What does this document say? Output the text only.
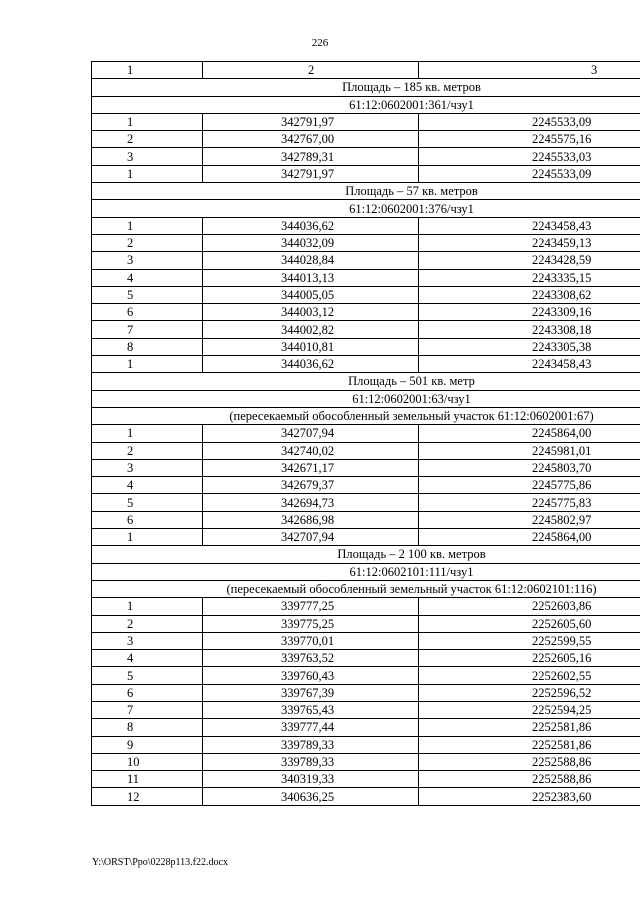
226
1	2	3
Площадь – 185 кв. метров		
61:12:0602001:361/чзу1		
1	342791,97	2245533,09
2	342767,00	2245575,16
3	342789,31	2245533,03
1	342791,97	2245533,09
Площадь – 57 кв. метров		
61:12:0602001:376/чзу1		
1	344036,62	2243458,43
2	344032,09	2243459,13
3	344028,84	2243428,59
4	344013,13	2243335,15
5	344005,05	2243308,62
6	344003,12	2243309,16
7	344002,82	2243308,18
8	344010,81	2243305,38
1	344036,62	2243458,43
Площадь – 501 кв. метр		
61:12:0602001:63/чзу1		
(пересекаемый обособленный земельный участок 61:12:0602001:67)		
1	342707,94	2245864,00
2	342740,02	2245981,01
3	342671,17	2245803,70
4	342679,37	2245775,86
5	342694,73	2245775,83
6	342686,98	2245802,97
1	342707,94	2245864,00
Площадь – 2 100 кв. метров		
61:12:0602101:111/чзу1		
(пересекаемый обособленный земельный участок 61:12:0602101:116)		
1	339777,25	2252603,86
2	339775,25	2252605,60
3	339770,01	2252599,55
4	339763,52	2252605,16
5	339760,43	2252602,55
6	339767,39	2252596,52
7	339765,43	2252594,25
8	339777,44	2252581,86
9	339789,33	2252581,86
10	339789,33	2252588,86
11	340319,33	2252588,86
12	340636,25	2252383,60
Y:\ORST\Ppo\0228p113.f22.docx
